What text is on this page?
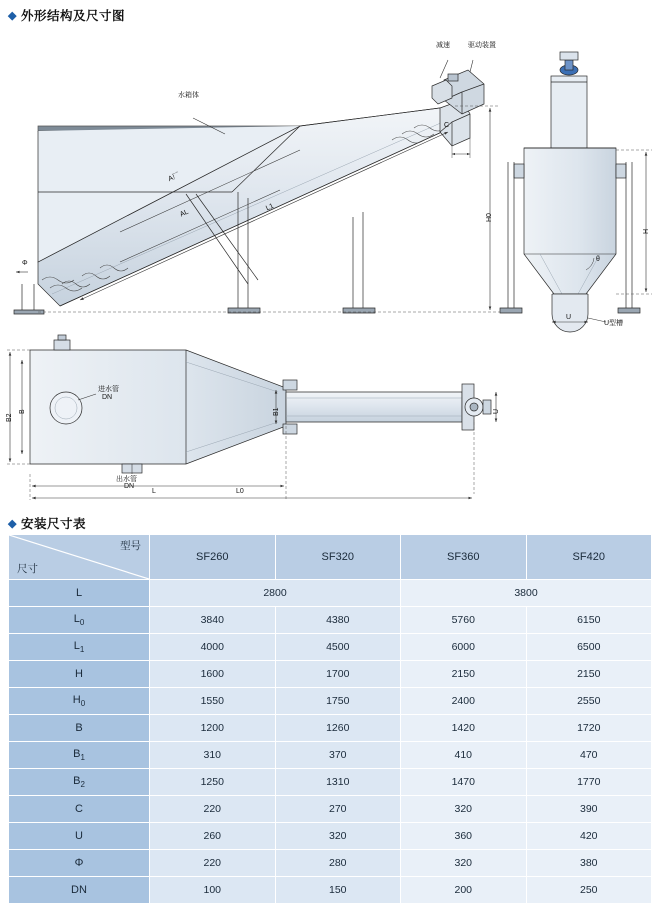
◆ 外形结构及尺寸图
水箱体
减速	驱动装置
A厂
AL
L1
H0
H
U
U型槽
θ
B2
B	B1	U
进水管
DN
出水管
DN
L	L0
C
Φ
◆ 安装尺寸表
型号
尺寸	SF260	SF320	SF360	SF420
L	2800		3800	
$L_0$	3840	4380	5760	6150
$L_1$	4000	4500	6000	6500
H	1600	1700	2150	2150
$H_0$	1550	1750	2400	2550
B	1200	1260	1420	1720
$B_1$	310	370	410	470
$B_2$	1250	1310	1470	1770
C	220	270	320	390
U	260	320	360	420
Φ	220	280	320	380
DN	100	150	200	250
